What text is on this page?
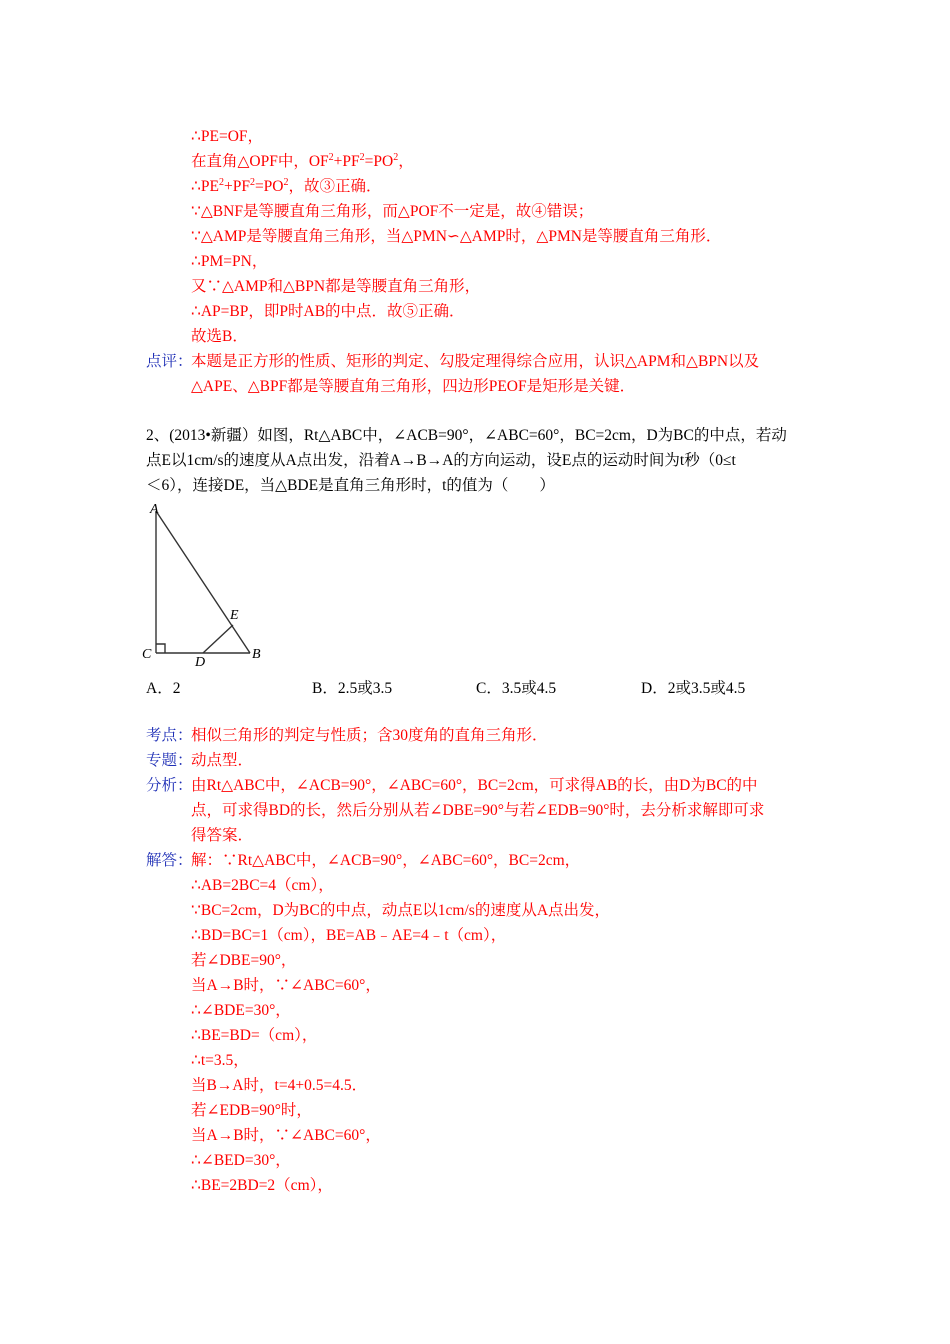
∴PE=OF，
在直角△OPF中，$OF^2+PF^2=PO^2$，
$\therefore PE^2+PF^2=PO^2$，故③正确．
∵△BNF是等腰直角三角形，而△POF不一定是，故④错误；
∵△AMP是等腰直角三角形，当△PMN∽△AMP时，△PMN是等腰直角三角形．
∴PM=PN，
又∵△AMP和△BPN都是等腰直角三角形，
∴AP=BP，即P时AB的中点．故⑤正确．
故选B．
点评：
本题是正方形的性质、矩形的判定、勾股定理得综合应用，认识△APM和△BPN以及
△APE、△BPF都是等腰直角三角形，四边形PEOF是矩形是关键．
2、(2013•新疆）如图，Rt△ABC中，∠ACB=90°，∠ABC=60°，BC=2cm，D为BC的中点，若动
点E以1cm/s的速度从A点出发，沿着A→B→A的方向运动，设E点的运动时间为t秒（0≤t
＜6），连接DE，当△BDE是直角三角形时，t的值为（　　）
A
C
D
E
B
A．2	B．2.5或3.5	C．3.5或4.5	D．2或3.5或4.5
考点：
相似三角形的判定与性质；含30度角的直角三角形．
专题：
动点型．
分析：
由Rt△ABC中，∠ACB=90°，∠ABC=60°，BC=2cm，可求得AB的长，由D为BC的中
点，可求得BD的长，然后分别从若∠DBE=90°与若∠EDB=90°时，去分析求解即可求
得答案．
解答：
解：∵Rt△ABC中，∠ACB=90°，∠ABC=60°，BC=2cm，
∴AB=2BC=4（cm），
∵BC=2cm，D为BC的中点，动点E以1cm/s的速度从A点出发，
∴BD=BC=1（cm），BE=AB﹣AE=4﹣t（cm），
若∠DBE=90°，
当A→B时，∵∠ABC=60°，
∴∠BDE=30°，
∴BE=BD=（cm），
∴t=3.5，
当B→A时，t=4+0.5=4.5．
若∠EDB=90°时，
当A→B时，∵∠ABC=60°，
∴∠BED=30°，
∴BE=2BD=2（cm），
